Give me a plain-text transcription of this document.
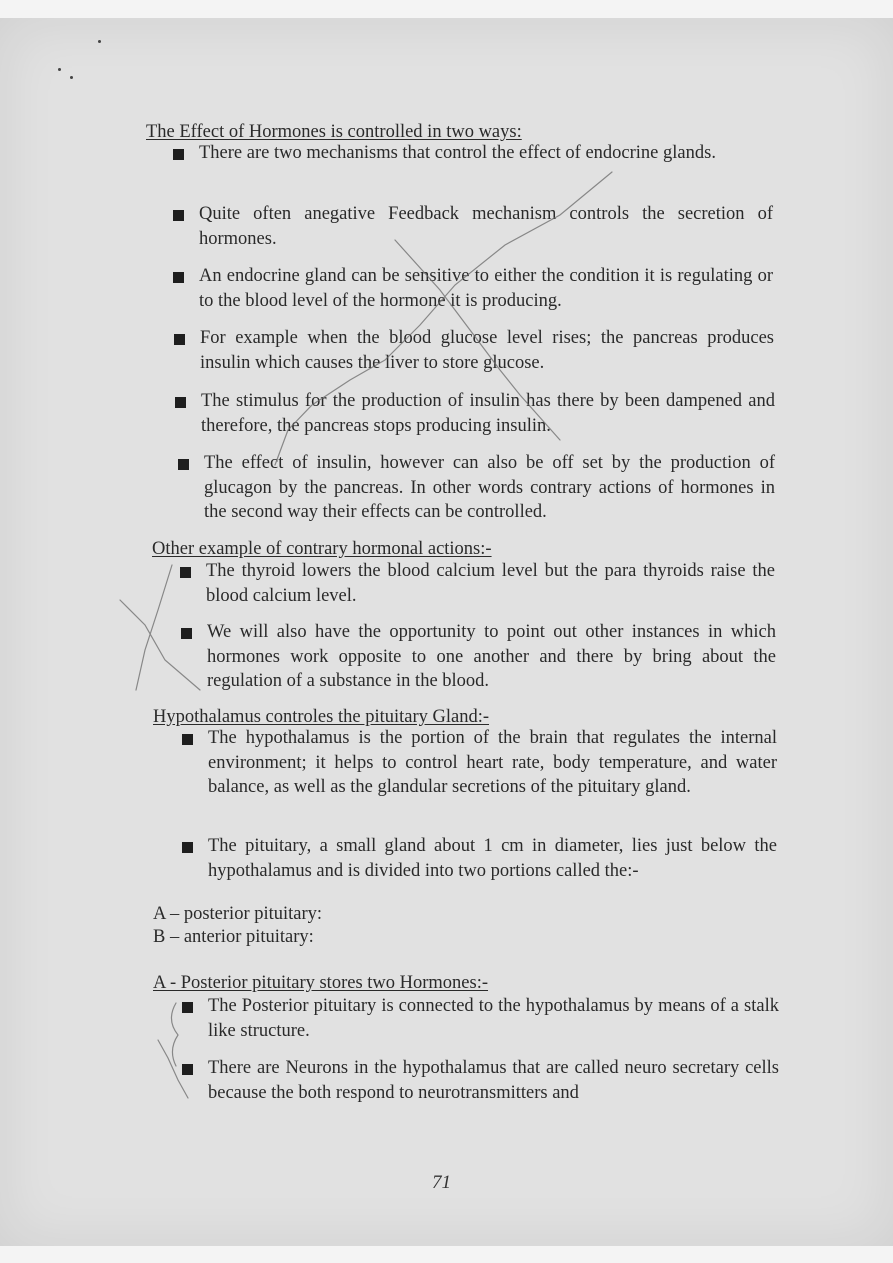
The Effect of Hormones is controlled in two ways:
There are two mechanisms that control the effect of endocrine glands.
Quite often anegative Feedback mechanism controls the secretion of hormones.
An endocrine gland can be sensitive to either the condition it is regulating or to the blood level of the hormone it is producing.
For example when the blood glucose level rises; the pancreas produces insulin which causes the liver to store glucose.
The stimulus for the production of insulin has there by been dampened and therefore, the pancreas stops producing insulin.
The effect of insulin, however can also be off set by the production of glucagon by the pancreas. In other words contrary actions of hormones in the second way their effects can be controlled.
Other example of contrary hormonal actions:-
The thyroid lowers the blood calcium level but the para thyroids raise the blood calcium level.
We will also have the opportunity to point out other instances in which hormones work opposite to one another and there by bring about the regulation of a substance in the blood.
Hypothalamus controles the pituitary Gland:-
The hypothalamus is the portion of the brain that regulates the internal environment; it helps to control heart rate, body temperature, and water balance, as well as the glandular secretions of the pituitary gland.
The pituitary, a small gland about 1 cm in diameter, lies just below the hypothalamus and is divided into two portions called the:-
A – posterior pituitary:
B – anterior pituitary:
A - Posterior pituitary stores two Hormones:-
The Posterior pituitary is connected to the hypothalamus by means of a stalk like structure.
There are Neurons in the hypothalamus that are called neuro secretary cells because the both respond to neurotransmitters and
71
